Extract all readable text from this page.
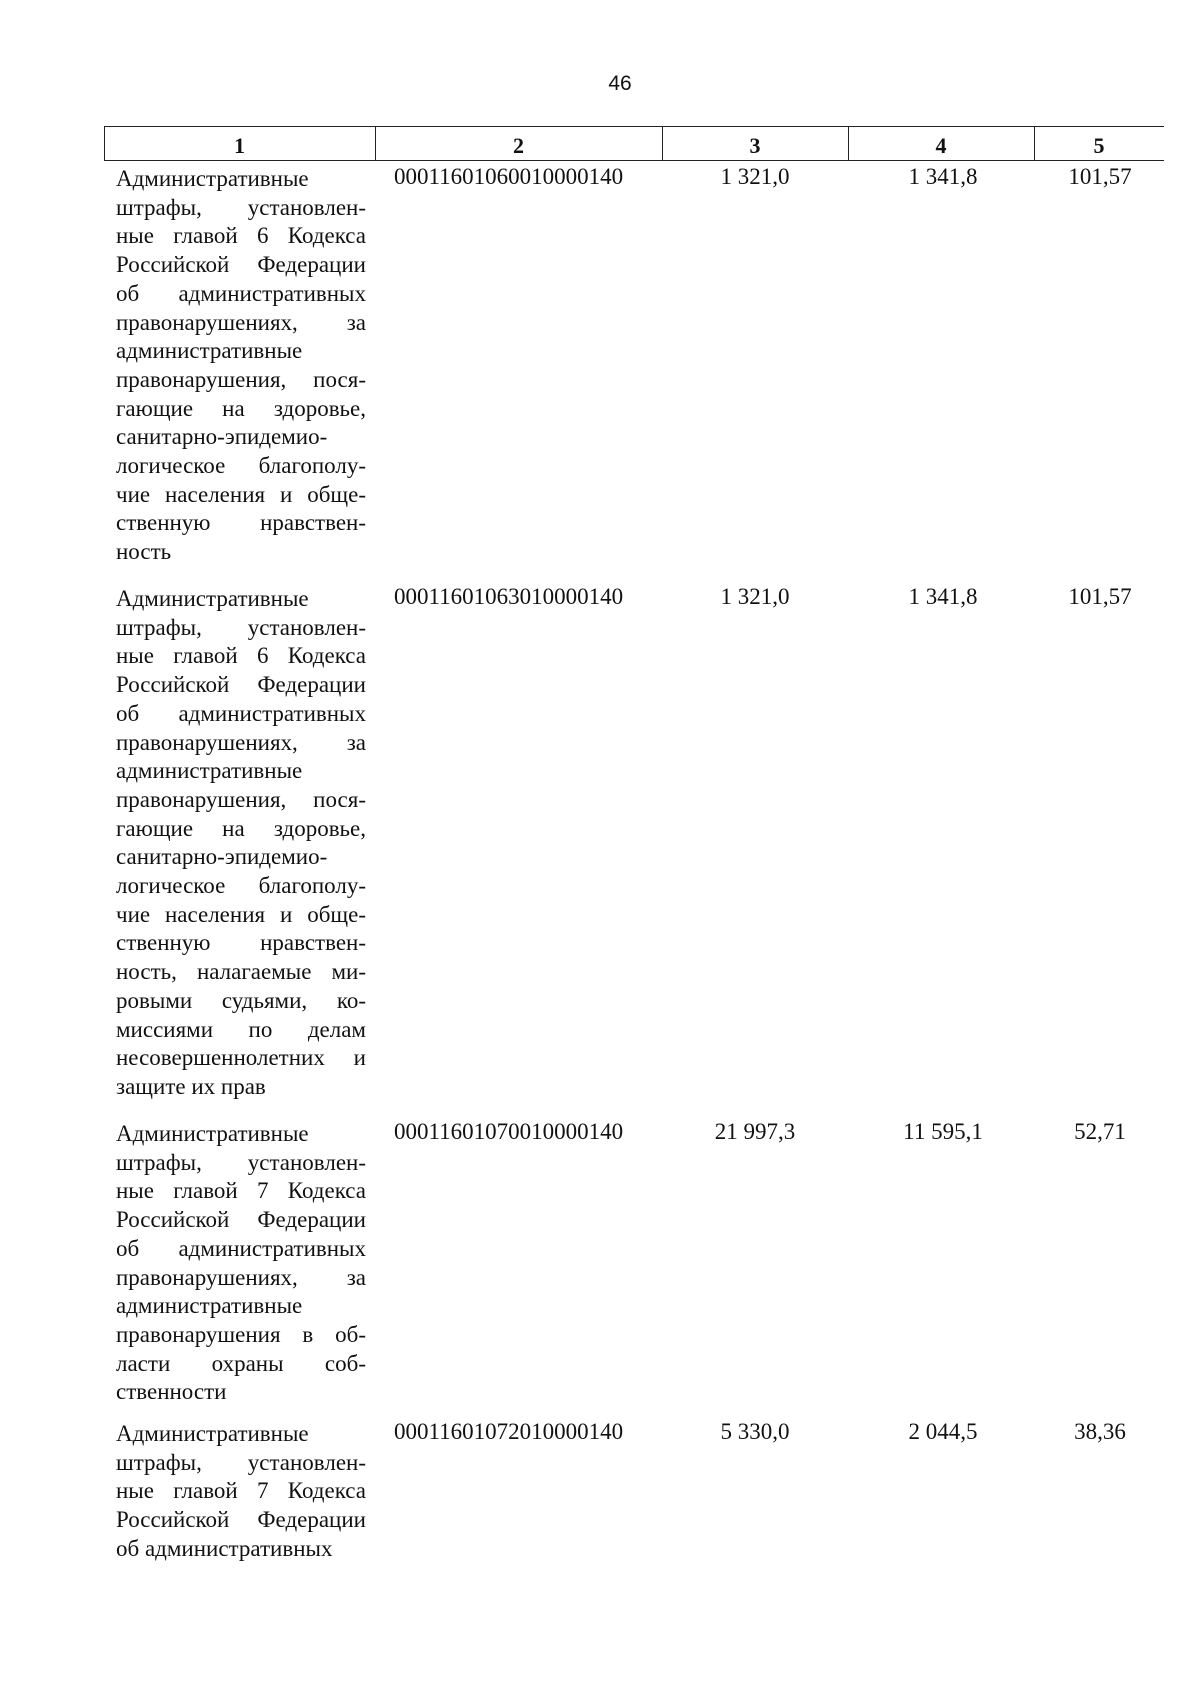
46
1	2	3	4	5
Административные
штрафы, установлен-
ные главой 6 Кодекса
Российской Федерации
об административных
правонарушениях, за
административные
правонарушения, пося-
гающие на здоровье,
санитарно-эпидемио-
логическое благополу-
чие населения и обще-
ственную нравствен-
ность
00011601060010000140	1 321,0	1 341,8	101,57
Административные
штрафы, установлен-
ные главой 6 Кодекса
Российской Федерации
об административных
правонарушениях, за
административные
правонарушения, пося-
гающие на здоровье,
санитарно-эпидемио-
логическое благополу-
чие населения и обще-
ственную нравствен-
ность, налагаемые ми-
ровыми судьями, ко-
миссиями по делам
несовершеннолетних и
защите их прав
00011601063010000140	1 321,0	1 341,8	101,57
Административные
штрафы, установлен-
ные главой 7 Кодекса
Российской Федерации
об административных
правонарушениях, за
административные
правонарушения в об-
ласти охраны соб-
ственности
00011601070010000140	21 997,3	11 595,1	52,71
Административные
штрафы, установлен-
ные главой 7 Кодекса
Российской Федерации
об административных
00011601072010000140	5 330,0	2 044,5	38,36
